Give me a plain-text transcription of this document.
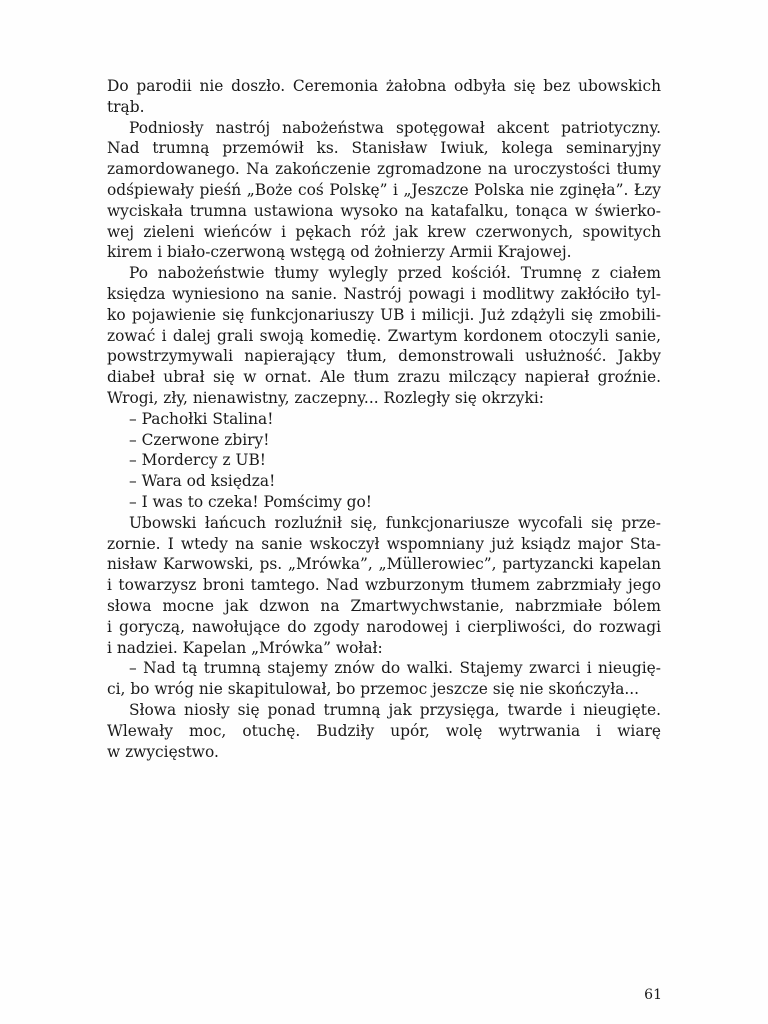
Do parodii nie doszło. Ceremonia żałobna odbyła się bez ubowskich
trąb.
Podniosły nastrój nabożeństwa spotęgował akcent patriotyczny.
Nad trumną przemówił ks. Stanisław Iwiuk, kolega seminaryjny
zamordowanego. Na zakończenie zgromadzone na uroczystości tłumy
odśpiewały pieśń „Boże coś Polskę” i „Jeszcze Polska nie zginęła”. Łzy
wyciskała trumna ustawiona wysoko na katafalku, tonąca w świerko-
wej zieleni wieńców i pękach róż jak krew czerwonych, spowitych
kirem i biało-czerwoną wstęgą od żołnierzy Armii Krajowej.
Po nabożeństwie tłumy wylegly przed kościół. Trumnę z ciałem
księdza wyniesiono na sanie. Nastrój powagi i modlitwy zakłóciło tyl-
ko pojawienie się funkcjonariuszy UB i milicji. Już zdążyli się zmobili-
zować i dalej grali swoją komedię. Zwartym kordonem otoczyli sanie,
powstrzymywali napierający tłum, demonstrowali usłużność. Jakby
diabeł ubrał się w ornat. Ale tłum zrazu milczący napierał groźnie.
Wrogi, zły, nienawistny, zaczepny... Rozległy się okrzyki:
– Pachołki Stalina!
– Czerwone zbiry!
– Mordercy z UB!
– Wara od księdza!
– I was to czeka! Pomścimy go!
Ubowski łańcuch rozluźnił się, funkcjonariusze wycofali się prze-
zornie. I wtedy na sanie wskoczył wspomniany już ksiądz major Sta-
nisław Karwowski, ps. „Mrówka”, „Müllerowiec”, partyzancki kapelan
i towarzysz broni tamtego. Nad wzburzonym tłumem zabrzmiały jego
słowa mocne jak dzwon na Zmartwychwstanie, nabrzmiałe bólem
i goryczą, nawołujące do zgody narodowej i cierpliwości, do rozwagi
i nadziei. Kapelan „Mrówka” wołał:
– Nad tą trumną stajemy znów do walki. Stajemy zwarci i nieugię-
ci, bo wróg nie skapitulował, bo przemoc jeszcze się nie skończyła...
Słowa niosły się ponad trumną jak przysięga, twarde i nieugięte.
Wlewały moc, otuchę. Budziły upór, wolę wytrwania i wiarę
w zwycięstwo.
61
